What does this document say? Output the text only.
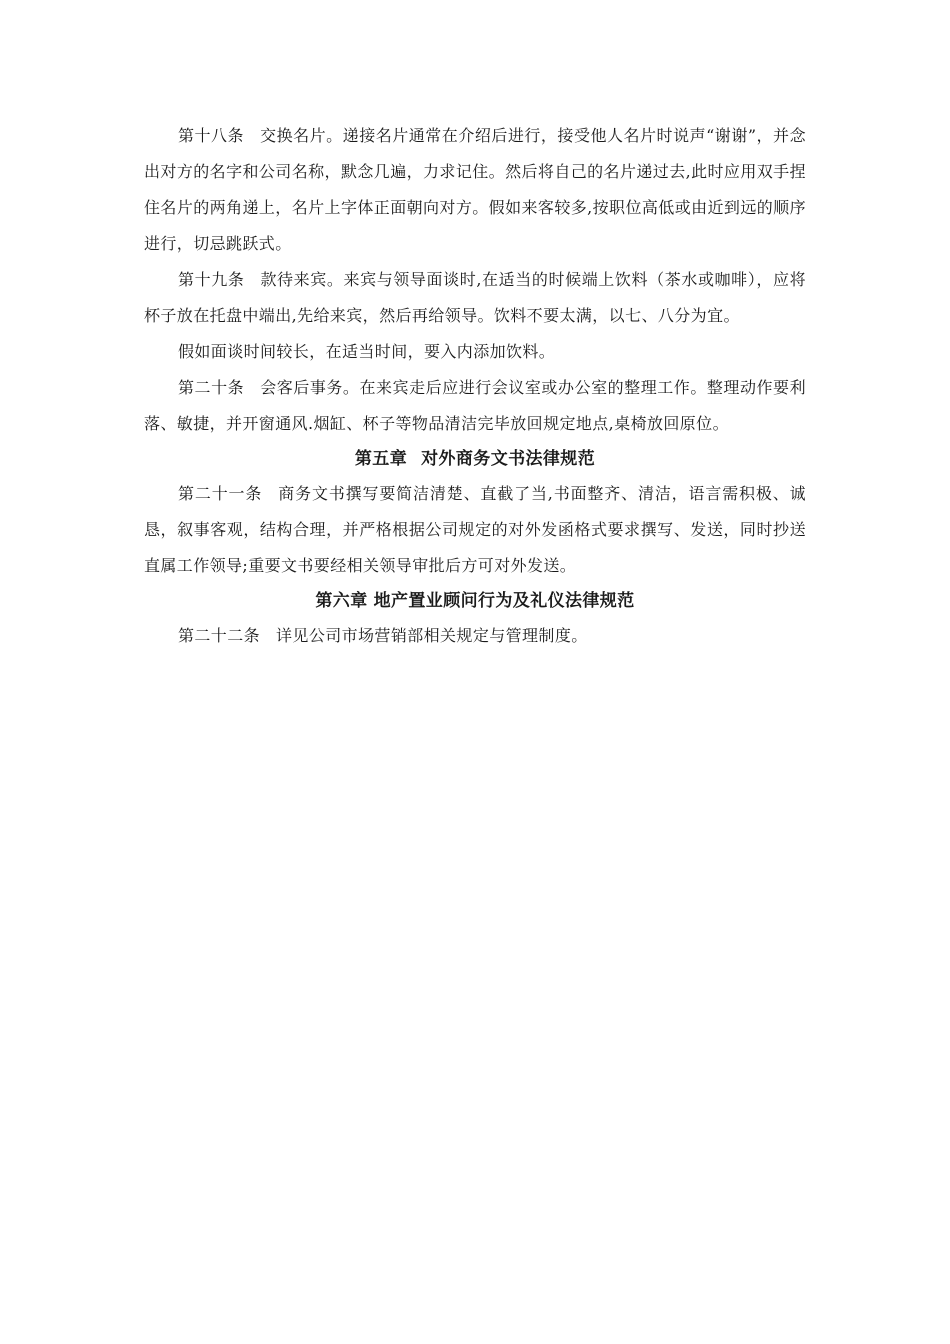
第十八条 交换名片。递接名片通常在介绍后进行，接受他人名片时说声“谢谢”，并念出对方的名字和公司名称，默念几遍，力求记住。然后将自己的名片递过去,此时应用双手捏住名片的两角递上，名片上字体正面朝向对方。假如来客较多,按职位高低或由近到远的顺序进行，切忌跳跃式。

第十九条 款待来宾。来宾与领导面谈时,在适当的时候端上饮料（茶水或咖啡），应将杯子放在托盘中端出,先给来宾，然后再给领导。饮料不要太满，以七、八分为宜。

假如面谈时间较长，在适当时间，要入内添加饮料。

第二十条 会客后事务。在来宾走后应进行会议室或办公室的整理工作。整理动作要利落、敏捷，并开窗通风.烟缸、杯子等物品清洁完毕放回规定地点,桌椅放回原位。

第五章 对外商务文书法律规范

第二十一条 商务文书撰写要简洁清楚、直截了当,书面整齐、清洁，语言需积极、诚恳，叙事客观，结构合理，并严格根据公司规定的对外发函格式要求撰写、发送，同时抄送直属工作领导;重要文书要经相关领导审批后方可对外发送。

第六章 地产置业顾问行为及礼仪法律规范

第二十二条 详见公司市场营销部相关规定与管理制度。
